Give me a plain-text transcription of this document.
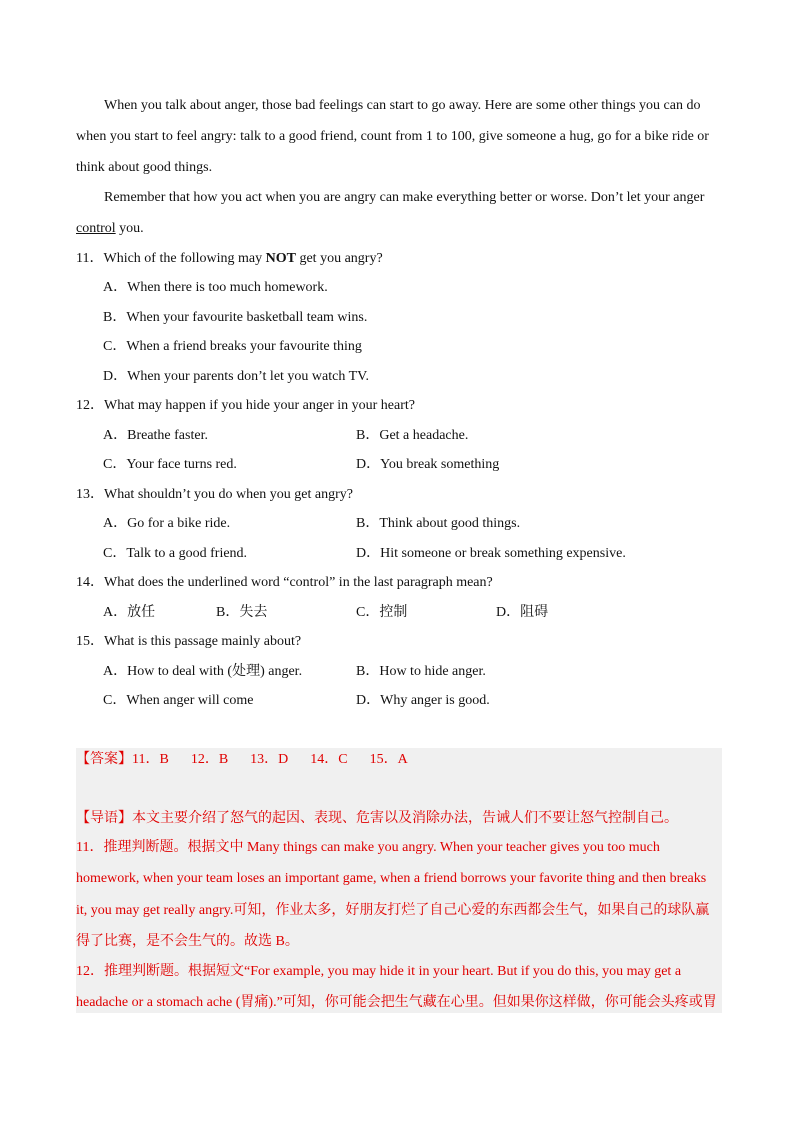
When you talk about anger, those bad feelings can start to go away. Here are some other things you can do

when you start to feel angry: talk to a good friend, count from 1 to 100, give someone a hug, go for a bike ride or

think about good things.

Remember that how you act when you are angry can make everything better or worse. Don’t let your anger

control you.

11．Which of the following may NOT get you angry?

A．When there is too much homework.

B．When your favourite basketball team wins.

C．When a friend breaks your favourite thing

D．When your parents don’t let you watch TV.

12．What may happen if you hide your anger in your heart?

A．Breathe faster.	B．Get a headache.

C．Your face turns red.	D．You break something

13．What shouldn’t you do when you get angry?

A．Go for a bike ride.	B．Think about good things.

C．Talk to a good friend.	D．Hit someone or break something expensive.

14．What does the underlined word “control” in the last paragraph mean?

A．放任	B．失去	C．控制	D．阻碍

15．What is this passage mainly about?

A．How to deal with (处理) anger.	B．How to hide anger.

C．When anger will come	D．Why anger is good.

【答案】11．B 12．B 13．D 14．C 15．A
【导语】本文主要介绍了怒气的起因、表现、危害以及消除办法，告诫人们不要让怒气控制自己。
11．推理判断题。根据文中 Many things can make you angry. When your teacher gives you too much
homework, when your team loses an important game, when a friend borrows your favorite thing and then breaks
it, you may get really angry.可知，作业太多，好朋友打烂了自己心爱的东西都会生气，如果自己的球队赢
得了比赛，是不会生气的。故选 B。
12．推理判断题。根据短文“For example, you may hide it in your heart. But if you do this, you may get a
headache or a stomach ache (胃痛).”可知，你可能会把生气藏在心里。但如果你这样做，你可能会头疼或胃
